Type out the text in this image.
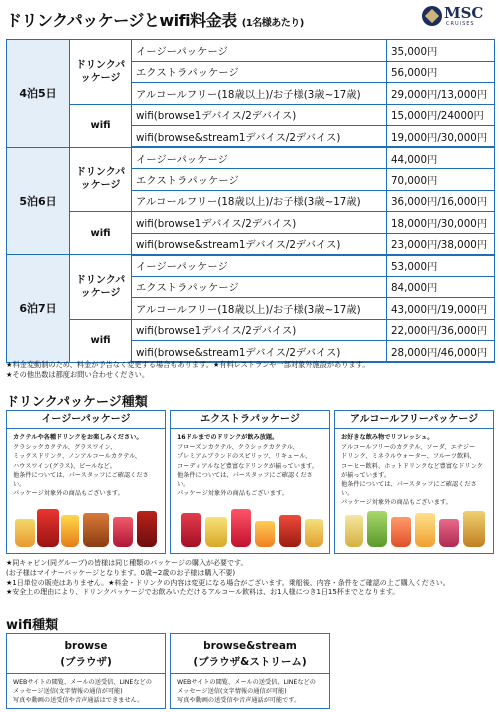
ドリンクパッケージとwifi料金表 (1名様あたり)
MSC
CRUISES
4泊5日	ドリンクパッケージ	イージーパッケージ	35,000円
		エクストラパッケージ	56,000円
		アルコールフリー(18歳以上)/お子様(3歳~17歳)	29,000円/13,000円
	wifi	wifi(browse1デバイス/2デバイス)	15,000円/24000円
		wifi(browse&stream1デバイス/2デバイス)	19,000円/30,000円
5泊6日	ドリンクパッケージ	イージーパッケージ	44,000円
		エクストラパッケージ	70,000円
		アルコールフリー(18歳以上)/お子様(3歳~17歳)	36,000円/16,000円
	wifi	wifi(browse1デバイス/2デバイス)	18,000円/30,000円
		wifi(browse&stream1デバイス/2デバイス)	23,000円/38,000円
6泊7日	ドリンクパッケージ	イージーパッケージ	53,000円
		エクストラパッケージ	84,000円
		アルコールフリー(18歳以上)/お子様(3歳~17歳)	43,000円/19,000円
	wifi	wifi(browse1デバイス/2デバイス)	22,000円/36,000円
		wifi(browse&stream1デバイス/2デバイス)	28,000円/46,000円
★料金変動制のため、料金が予告なく変更する場合もあります。★有料レストランや一部対象外施設があります。
★その他出数は都度お問い合わせください。
ドリンクパッケージ種類
イージーパッケージ
カクテルや各種ドリンクをお楽しみください。
クラシックカクテル、グラスワイン、
ミックスドリンク、ノンアルコールカクテル、
ハウスワイン(グラス)、ビールなど。
他条件については、パースタッフにご確認ください。
パッケージ対象外の商品もございます。
エクストラパッケージ
16ドルまでのドリンクが飲み放題。
フローズンカクテル、クラシックカクテル、
プレミアムブランドのスピリッツ、リキュール、
コーディアルなど豊富なドリンクが揃っています。
他条件については、パースタッフにご確認ください。
パッケージ対象外の商品もございます。
アルコールフリーパッケージ
お好きな飲み物でリフレッシュ。
アルコールフリーのカクテル、ソーダ、エナジー
ドリンク、ミネラルウォーター、フルーツ飲料、
コーヒー飲料、ホットドリンクなど豊富なドリンク
が揃っています。
他条件については、パースタッフにご確認ください。
パッケージ対象外の商品もございます。
★同キャビン(同グループ)の皆様は同じ種類のパッケージの購入が必要です。
(お子様はマイナーパッケージとなります。0歳~2歳のお子様は購入不要)
★1日単位の販売はありません。★料金・ドリンクの内容は変更になる場合がございます。乗船後、内容・条件をご確認の上ご購入ください。
★安全上の理由により、ドリンクパッケージでお飲みいただけるアルコール飲料は、お1人様につき1日15杯までとなります。
wifi種類
browse
(ブラウザ)
WEBサイトの閲覧、メールの送受信、LINEなどの
メッセージ送信(文字情報の通信が可能)
写真や動画の送受信や音声通話はできません。
browse&stream
(ブラウザ&ストリーム)
WEBサイトの閲覧、メールの送受信、LINEなどの
メッセージ送信(文字情報の通信が可能)
写真や動画の送受信や音声通話が可能です。
